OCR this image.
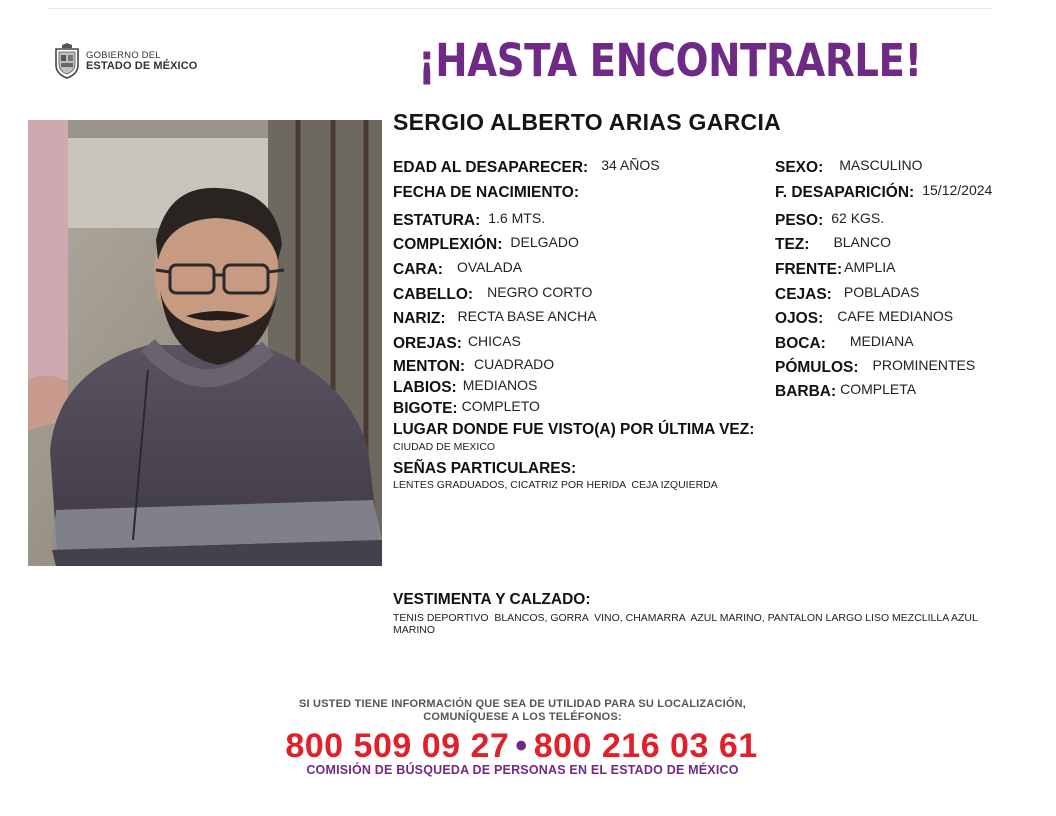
GOBIERNO DEL
ESTADO DE MÉXICO	¡HASTA ENCONTRARLE!
SERGIO ALBERTO ARIAS GARCIA
EDAD AL DESAPARECER: 34 AÑOS
FECHA DE NACIMIENTO:
ESTATURA: 1.6 MTS.
COMPLEXIÓN: DELGADO
CARA: OVALADA
CABELLO: NEGRO CORTO
NARIZ: RECTA BASE ANCHA
OREJAS: CHICAS
MENTON: CUADRADO
LABIOS: MEDIANOS
BIGOTE: COMPLETO
SEXO: MASCULINO
F. DESAPARICIÓN: 15/12/2024
PESO: 62 KGS.
TEZ: BLANCO
FRENTE: AMPLIA
CEJAS: POBLADAS
OJOS: CAFE MEDIANOS
BOCA: MEDIANA
PÓMULOS: PROMINENTES
BARBA: COMPLETA
LUGAR DONDE FUE VISTO(A) POR ÚLTIMA VEZ:
CIUDAD DE MEXICO
SEÑAS PARTICULARES:
LENTES GRADUADOS, CICATRIZ POR HERIDA  CEJA IZQUIERDA
VESTIMENTA Y CALZADO:
TENIS DEPORTIVO  BLANCOS, GORRA  VINO, CHAMARRA  AZUL MARINO, PANTALON LARGO LISO MEZCLILLA AZUL
MARINO
SI USTED TIENE INFORMACIÓN QUE SEA DE UTILIDAD PARA SU LOCALIZACIÓN,
COMUNÍQUESE A LOS TELÉFONOS:
800 509 09 27 • 800 216 03 61
COMISIÓN DE BÚSQUEDA DE PERSONAS EN EL ESTADO DE MÉXICO
